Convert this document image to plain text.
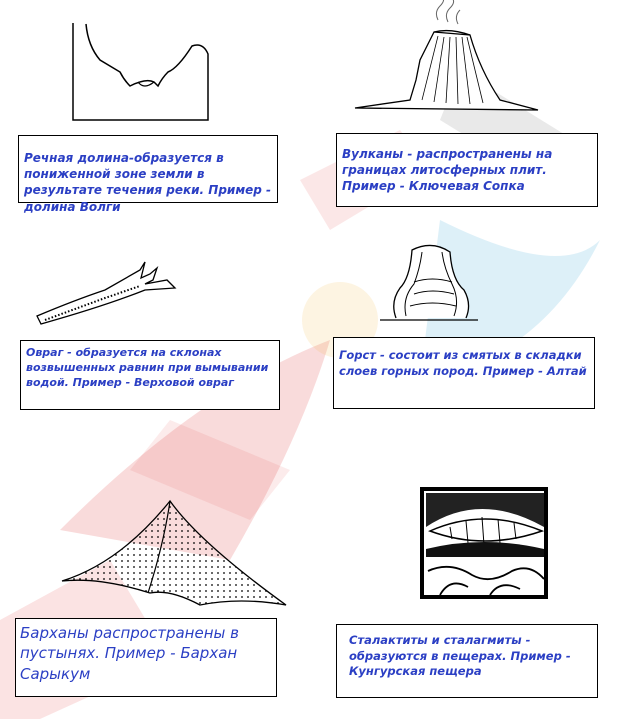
Речная долина-образуется в пониженной зоне земли в результате течения реки. Пример - долина Волги
Вулканы - распространены на границах литосферных плит. Пример - Ключевая Сопка
Овраг - образуется на склонах возвышенных равнин при вымывании водой. Пример - Верховой овраг
Горст - состоит из смятых в складки слоев горных пород. Пример - Алтай
Барханы распространены в пустынях. Пример - Бархан Сарыкум
Сталактиты и сталагмиты - образуются в пещерах. Пример - Кунгурская пещера
